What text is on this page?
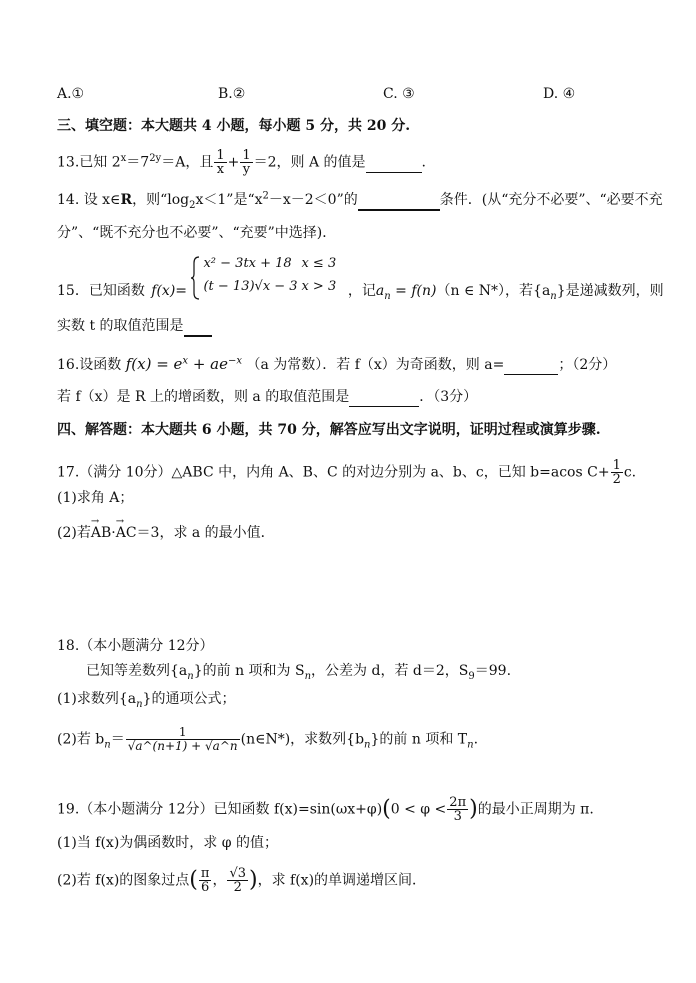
A.①	B.②	C. ③	D. ④
三、填空题：本大题共 4 小题，每小题 5 分，共 20 分.
13.已知 $2^x=7^{2y}=A$，且 $\frac{1}{x} + \frac{1}{y} =2$，则 A 的值是	.
14. 设 x∈R，则“$\log_2x<1$”是“$x^2-x-2<0$”的	条件．(从“充分不必要”、“必要不充
分”、“既不充分也不必要”、“充要”中选择)．
15．已知函数 f(x)=
x² − 3tx + 18 x ≤ 3
(t − 13)√x − 3 x > 3 ，记$a_n = f(n)(n$ ∈ N*），若$\{a_n\}$是递减数列，则
实数 t 的取值范围是
16.设函数 $f(x) = e^x + ae^{-x}$ （a 为常数）．若 f（x）为奇函数，则 a=	；（2分）
若 f（x）是 R 上的增函数，则 a 的取值范围是	．（3分）
四、解答题：本大题共 6 小题，共 70 分，解答应写出文字说明，证明过程或演算步骤.
17.（满分 10分）△ABC 中，内角 A、B、C 的对边分别为 a、b、c，已知 b=acos $C+ \frac{1}{2} c$.
(1)求角 A；
(2)若→ AB·→ AC＝3，求 a 的最小值．
18.（本小题满分 12分）
已知等差数列$\{a_n\}$的前 n 项和为 $S_n$，公差为 d，若 d＝2，$S_9=99$.
(1)求数列$\{a_n\}$的通项公式；
(2)若 $b_n= \frac{1}{√a\^{}(n+1) + √a\^{}n}$ (n∈N*)，求数列$\{b_n\}$的前 n 项和 $T_n$.
19.（本小题满分 12分）已知函数 $f(x)=\sin(\omega x+\varphi)(0 < \varphi < \frac{2\pi}{3}$ )的最小正周期为 π.
(1)当 f(x)为偶函数时，求 φ 的值；
(2)若 f(x)的图象过点( $\frac{\pi}{6}$ ， $\frac{√3}{2}$ )，求 f(x)的单调递增区间．
